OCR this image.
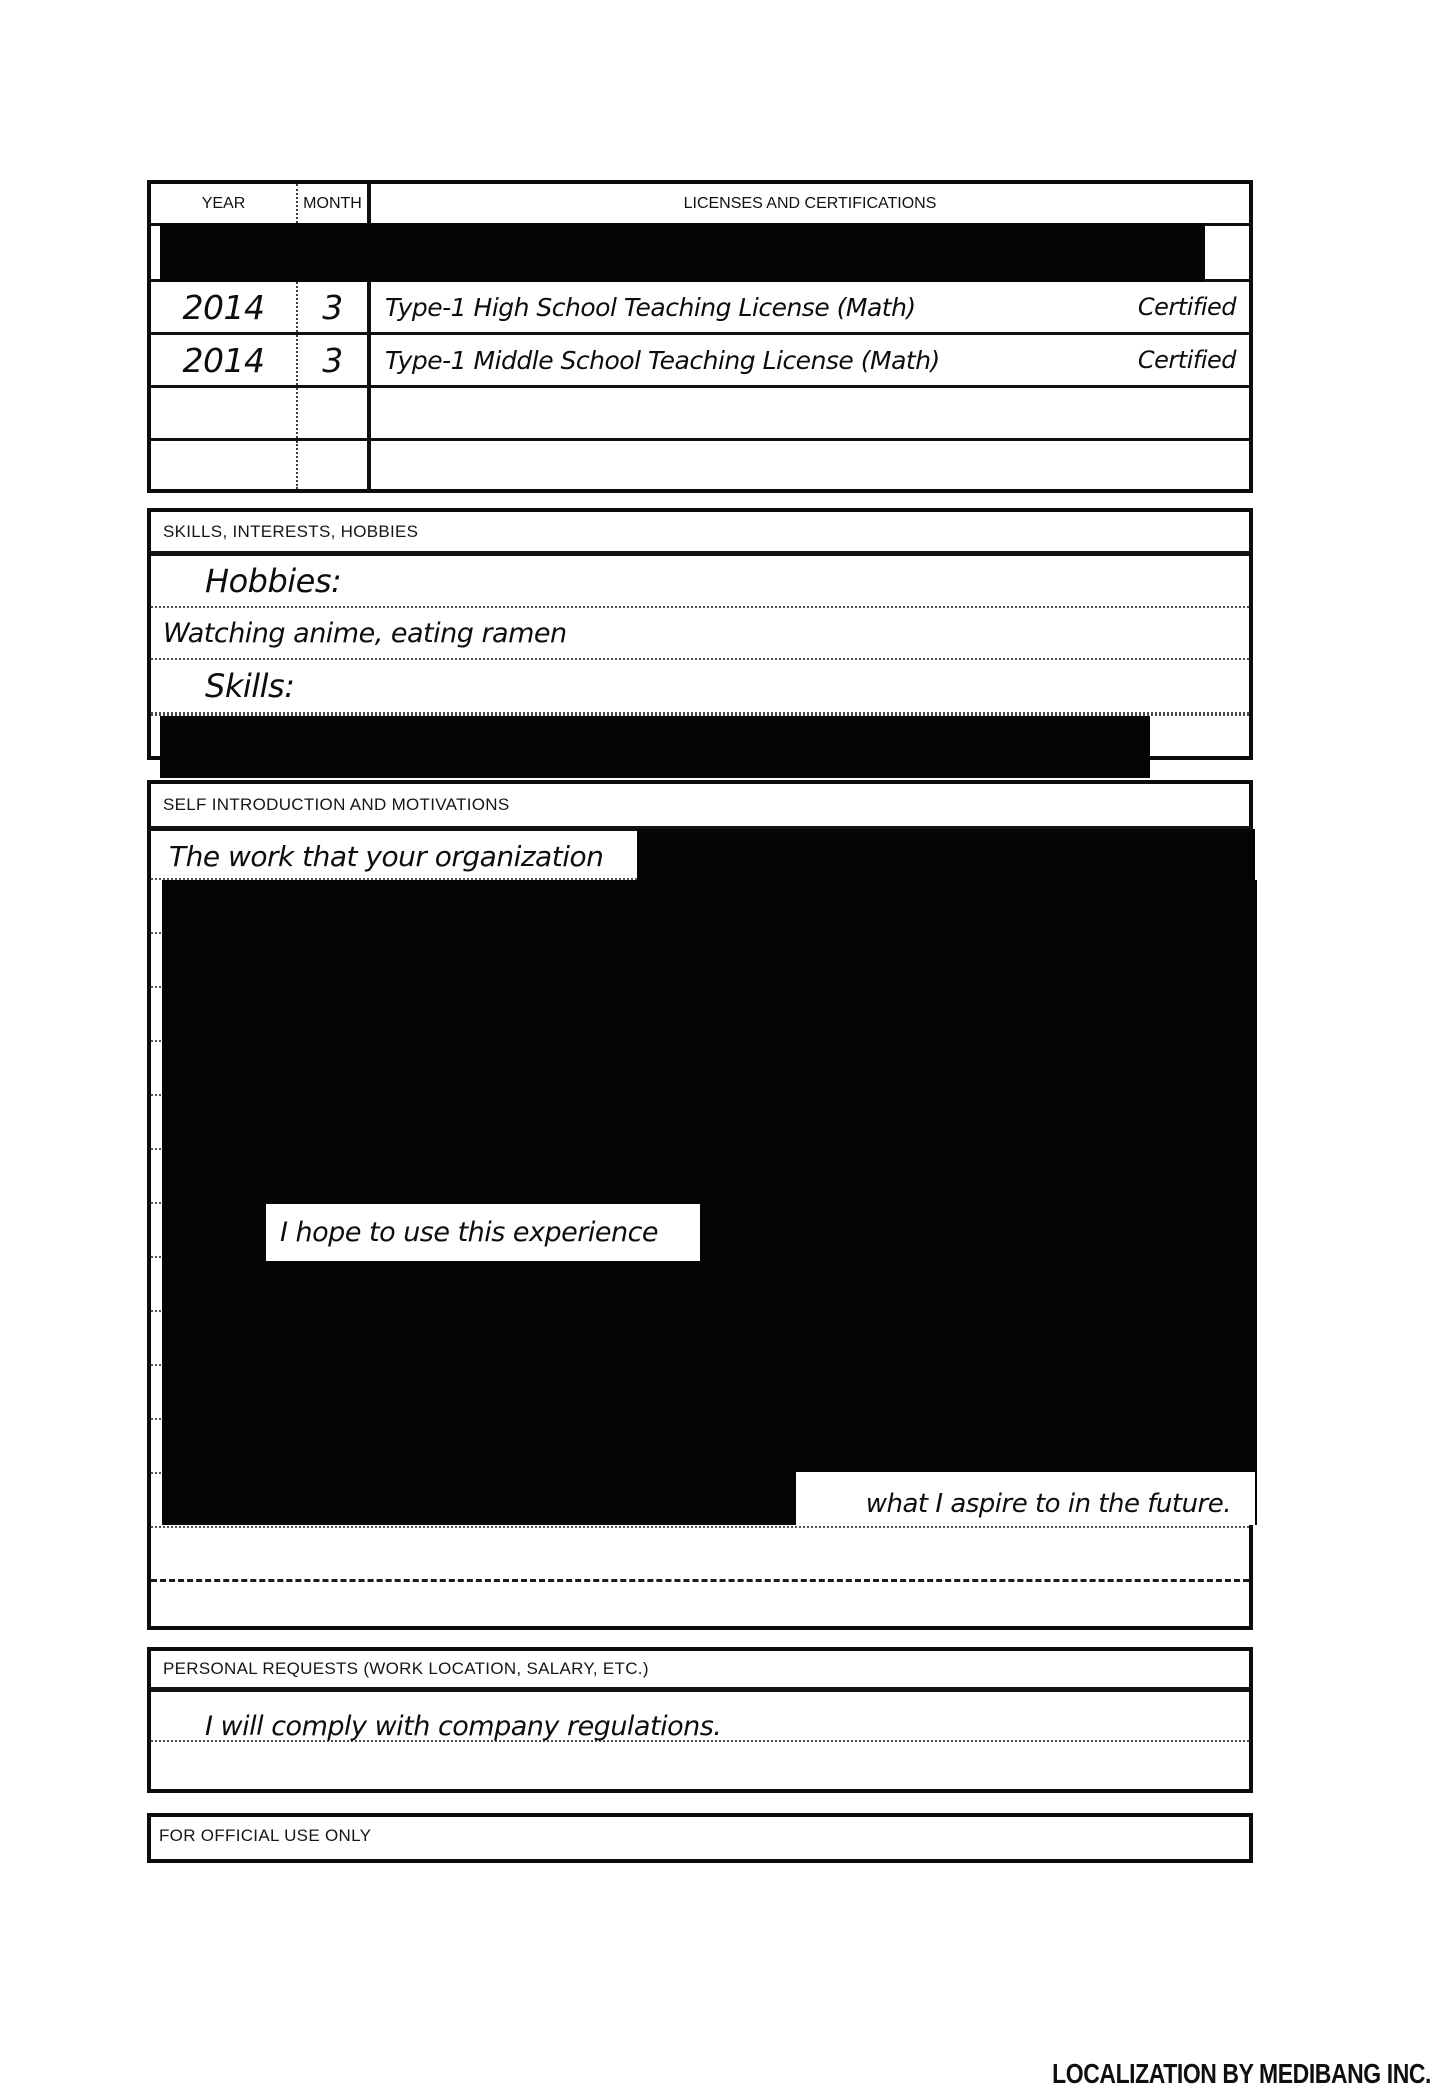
YEAR	MONTH	LICENSES AND CERTIFICATIONS
2014	3	Type-1 High School Teaching License (Math)	Certified
2014	3	Type-1 Middle School Teaching License (Math)	Certified
SKILLS, INTERESTS, HOBBIES
Hobbies:
Watching anime, eating ramen
Skills:
SELF INTRODUCTION AND MOTIVATIONS
The work that your organization
I hope to use this experience
what I aspire to in the future.
PERSONAL REQUESTS (WORK LOCATION, SALARY, ETC.)
I will comply with company regulations.
FOR OFFICIAL USE ONLY
LOCALIZATION BY MEDIBANG INC.
